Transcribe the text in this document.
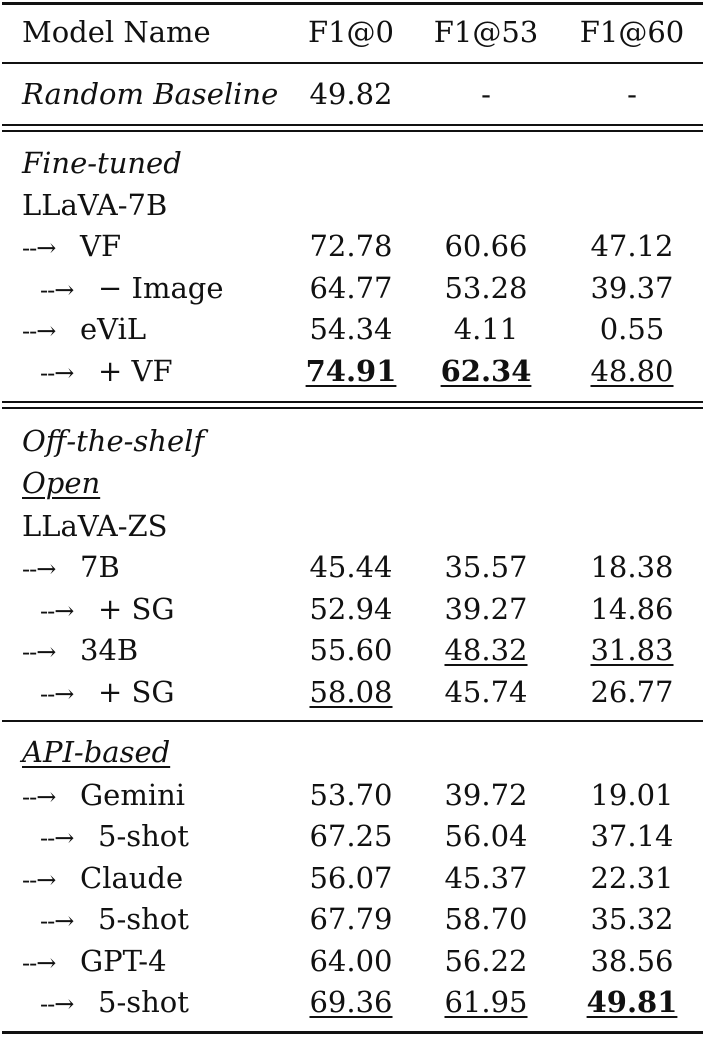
Model Name	F1@0	F1@53 F1@60
Random Baseline	49.82	-	-
Fine-tuned
LLaVA-7B
--→ VF	72.78	60.66	47.12
--→ − Image	64.77	53.28	39.37
--→ eViL	54.34	4.11	0.55
--→ + VF	74.91	62.34	48.80
Off-the-shelf
Open
LLaVA-ZS
--→ 7B	45.44	35.57	18.38
--→ + SG	52.94	39.27	14.86
--→ 34B	55.60	48.32	31.83
--→ + SG	58.08	45.74	26.77
API-based
--→ Gemini	53.70	39.72	19.01
--→ 5-shot	67.25	56.04	37.14
--→ Claude	56.07	45.37	22.31
--→ 5-shot	67.79	58.70	35.32
--→ GPT-4	64.00	56.22	38.56
--→ 5-shot	69.36	61.95	49.81
